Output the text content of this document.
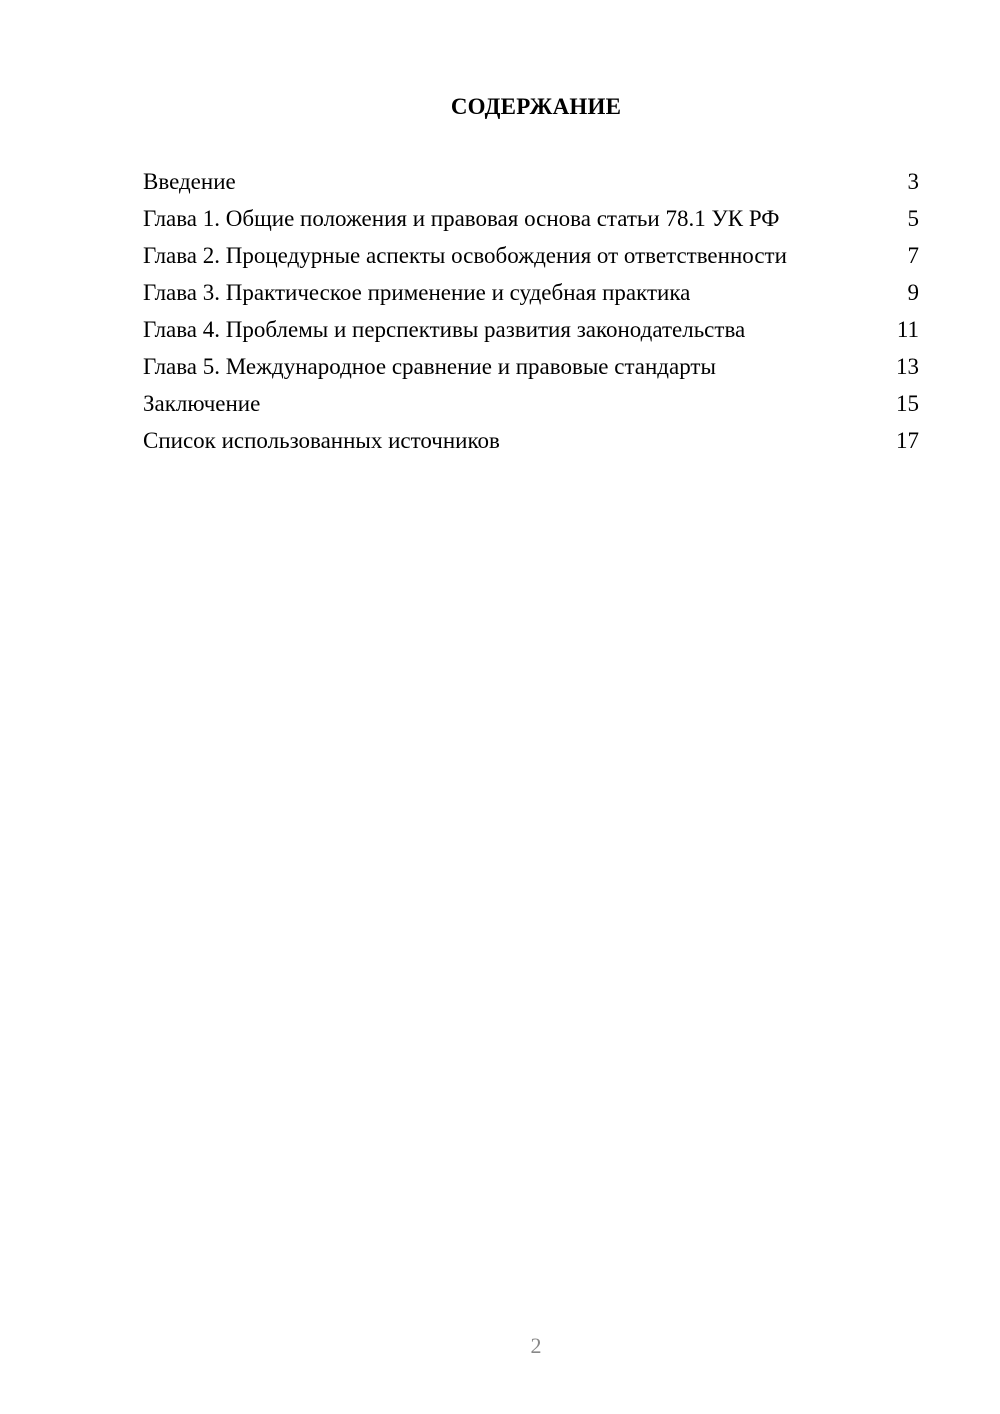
СОДЕРЖАНИЕ
Введение	3
Глава 1. Общие положения и правовая основа статьи 78.1 УК РФ	5
Глава 2. Процедурные аспекты освобождения от ответственности	7
Глава 3. Практическое применение и судебная практика	9
Глава 4. Проблемы и перспективы развития законодательства	11
Глава 5. Международное сравнение и правовые стандарты	13
Заключение	15
Список использованных источников	17

2
